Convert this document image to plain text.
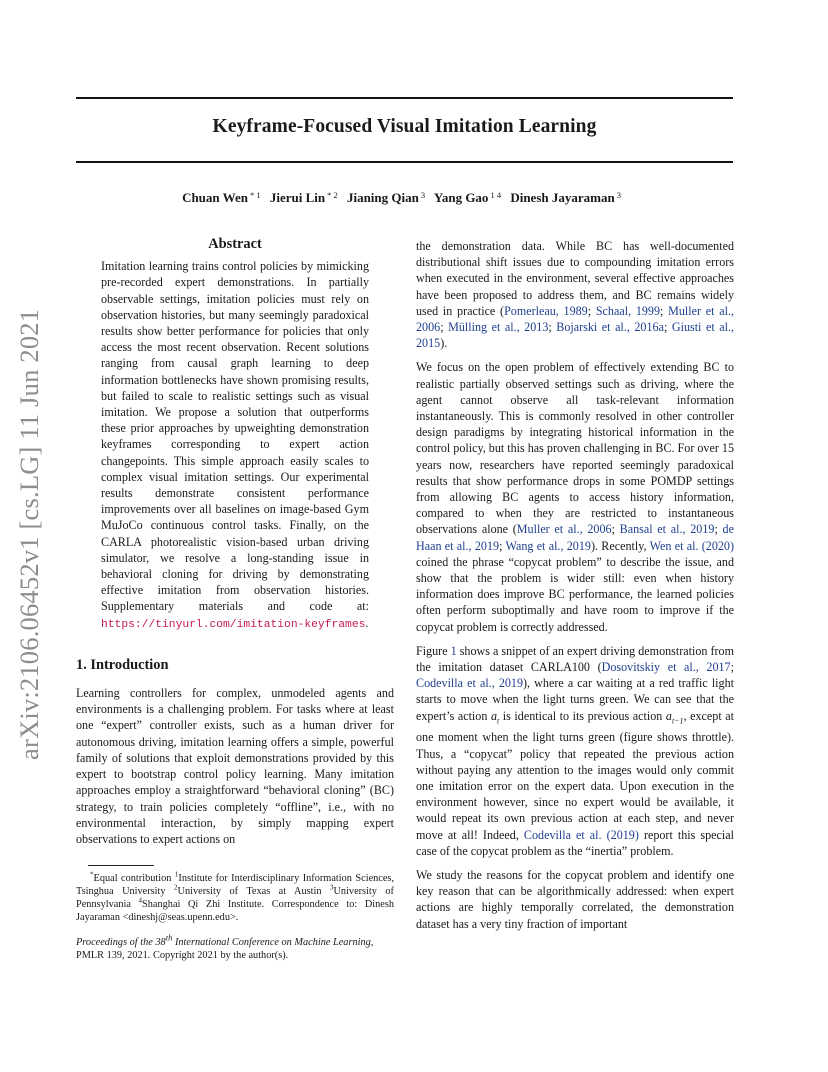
arXiv:2106.06452v1 [cs.LG] 11 Jun 2021
Keyframe-Focused Visual Imitation Learning
Chuan Wen $^{* 1}$ Jierui Lin $^{* 2}$ Jianing Qian $^3$ Yang Gao $^{1 4}$ Dinesh Jayaraman $^3$
Abstract
Imitation learning trains control policies by mimicking pre-recorded expert demonstrations. In partially observable settings, imitation policies must rely on observation histories, but many seemingly paradoxical results show better performance for policies that only access the most recent observation. Recent solutions ranging from causal graph learning to deep information bottlenecks have shown promising results, but failed to scale to realistic settings such as visual imitation. We propose a solution that outperforms these prior approaches by upweighting demonstration keyframes corresponding to expert action changepoints. This simple approach easily scales to complex visual imitation settings. Our experimental results demonstrate consistent performance improvements over all baselines on image-based Gym MuJoCo continuous control tasks. Finally, on the CARLA photorealistic vision-based urban driving simulator, we resolve a long-standing issue in behavioral cloning for driving by demonstrating effective imitation from observation histories. Supplementary materials and code at: https://tinyurl.com/imitation-keyframes.
1. Introduction

Learning controllers for complex, unmodeled agents and environments is a challenging problem. For tasks where at least one “expert” controller exists, such as a human driver for autonomous driving, imitation learning offers a simple, powerful family of solutions that exploit demonstrations provided by this expert to bootstrap control policy learning. Many imitation approaches employ a straightforward “behavioral cloning” (BC) strategy, to train policies completely “offline”, i.e., with no environmental interaction, by simply mapping expert observations to expert actions on

*Equal contribution $^1$Institute for Interdisciplinary Information Sciences, Tsinghua University $^2$University of Texas at Austin $^3$University of Pennsylvania $^4$Shanghai Qi Zhi Institute. Correspondence to: Dinesh Jayaraman <dineshj@seas.upenn.edu>.

Proceedings of the 38th International Conference on Machine Learning, PMLR 139, 2021. Copyright 2021 by the author(s).

the demonstration data. While BC has well-documented distributional shift issues due to compounding imitation errors when executed in the environment, several effective approaches have been proposed to address them, and BC remains widely used in practice (Pomerleau, 1989; Schaal, 1999; Muller et al., 2006; Mülling et al., 2013; Bojarski et al., 2016a; Giusti et al., 2015).

We focus on the open problem of effectively extending BC to realistic partially observed settings such as driving, where the agent cannot observe all task-relevant information instantaneously. This is commonly resolved in other controller design paradigms by integrating historical information in the control policy, but this has proven challenging in BC. For over 15 years now, researchers have reported seemingly paradoxical results that show performance drops in some POMDP settings from allowing BC agents to access history information, compared to when they are restricted to instantaneous observations alone (Muller et al., 2006; Bansal et al., 2019; de Haan et al., 2019; Wang et al., 2019). Recently, Wen et al. (2020) coined the phrase “copycat problem” to describe the issue, and show that the problem is wider still: even when history information does improve BC performance, the learned policies often perform suboptimally and have room to improve if the copycat problem is correctly addressed.

Figure 1 shows a snippet of an expert driving demonstration from the imitation dataset CARLA100 (Dosovitskiy et al., 2017; Codevilla et al., 2019), where a car waiting at a red traffic light starts to move when the light turns green. We can see that the expert’s action $a_t$ is identical to its previous action $a_{t-1}$, except at one moment when the light turns green (figure shows throttle). Thus, a “copycat” policy that repeated the previous action without paying any attention to the images would only commit one imitation error on the expert data. Upon execution in the environment however, since no expert would be available, it would repeat its own previous action at each step, and never move at all! Indeed, Codevilla et al. (2019) report this special case of the copycat problem as the “inertia” problem.

We study the reasons for the copycat problem and identify one key reason that can be algorithmically addressed: when expert actions are highly temporally correlated, the demonstration dataset has a very tiny fraction of important
